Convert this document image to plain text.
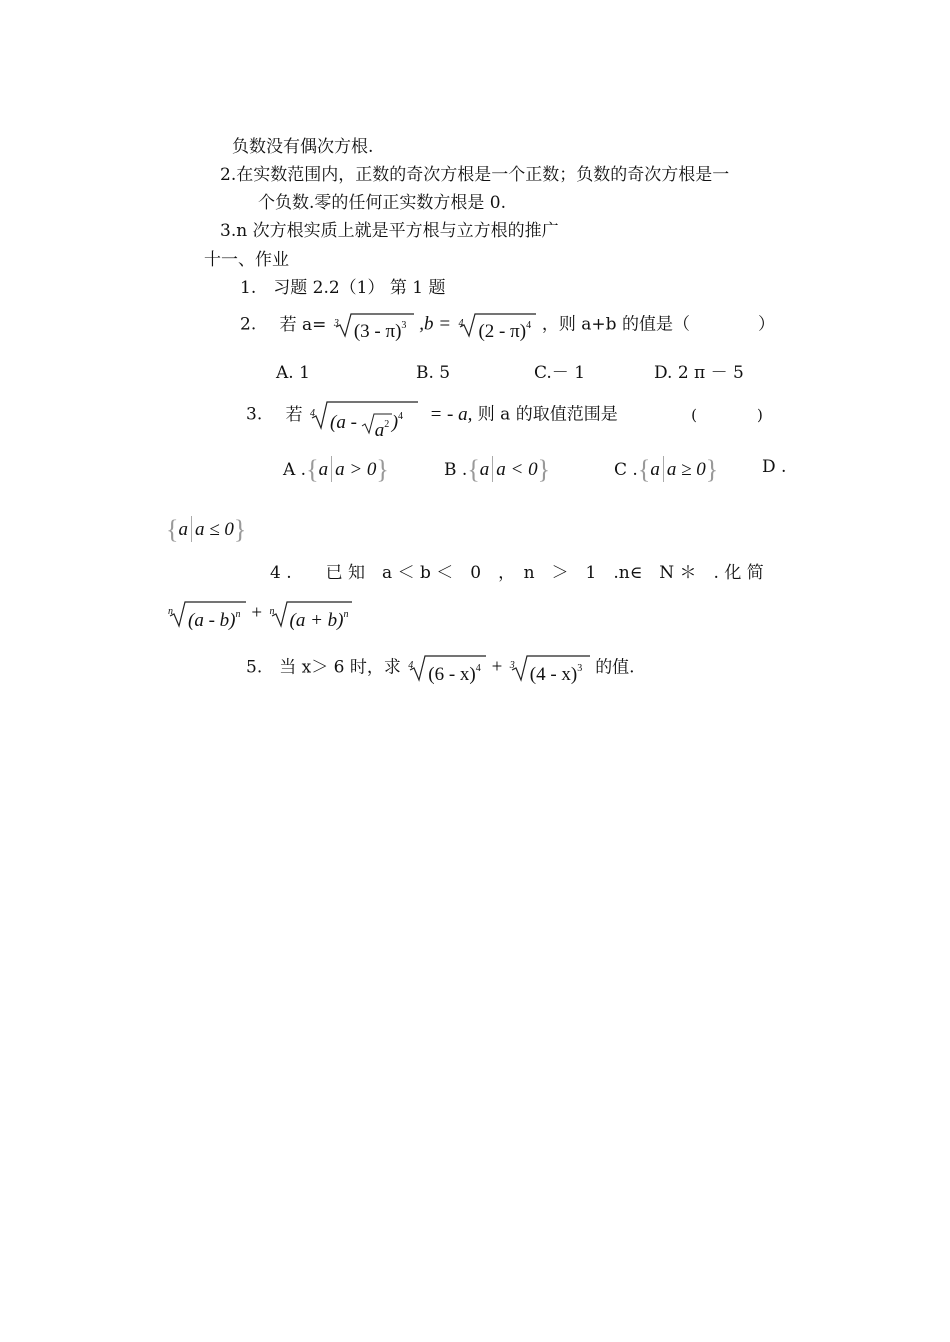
负数没有偶次方根.
2.在实数范围内，正数的奇次方根是一个正数；负数的奇次方根是一
个负数.零的任何正实数方根是 0.
3.n 次方根实质上就是平方根与立方根的推广
十一、作业
1.　习题 2.2（1） 第 1 题
2. 若 a= 3 (3 - π)$^3$ ,b = 4 (2 - π)$^4$ ，则 a+b 的值是（　　　　）
A. 1	B. 5	C.－ 1	D. 2 π － 5
3. 若 4 ($a - a^2$ )$^4$ = - a, 则 a 的取值范围是	(　　　　)
A .{a a > 0}	B .{a a < 0}	C .{a a ≥ 0}	D .
{a a ≤ 0}
4 .　　已 知　a ＜ b ＜　0　，　n　＞　1　.n∈　N ＊　. 化 简
n (a - b)$^n$ + n $(a + b)^n$
5.　当 x＞ 6 时，求 4 (6 - x)$^4$ + 3 (4 - x)$^3$ 的值.
